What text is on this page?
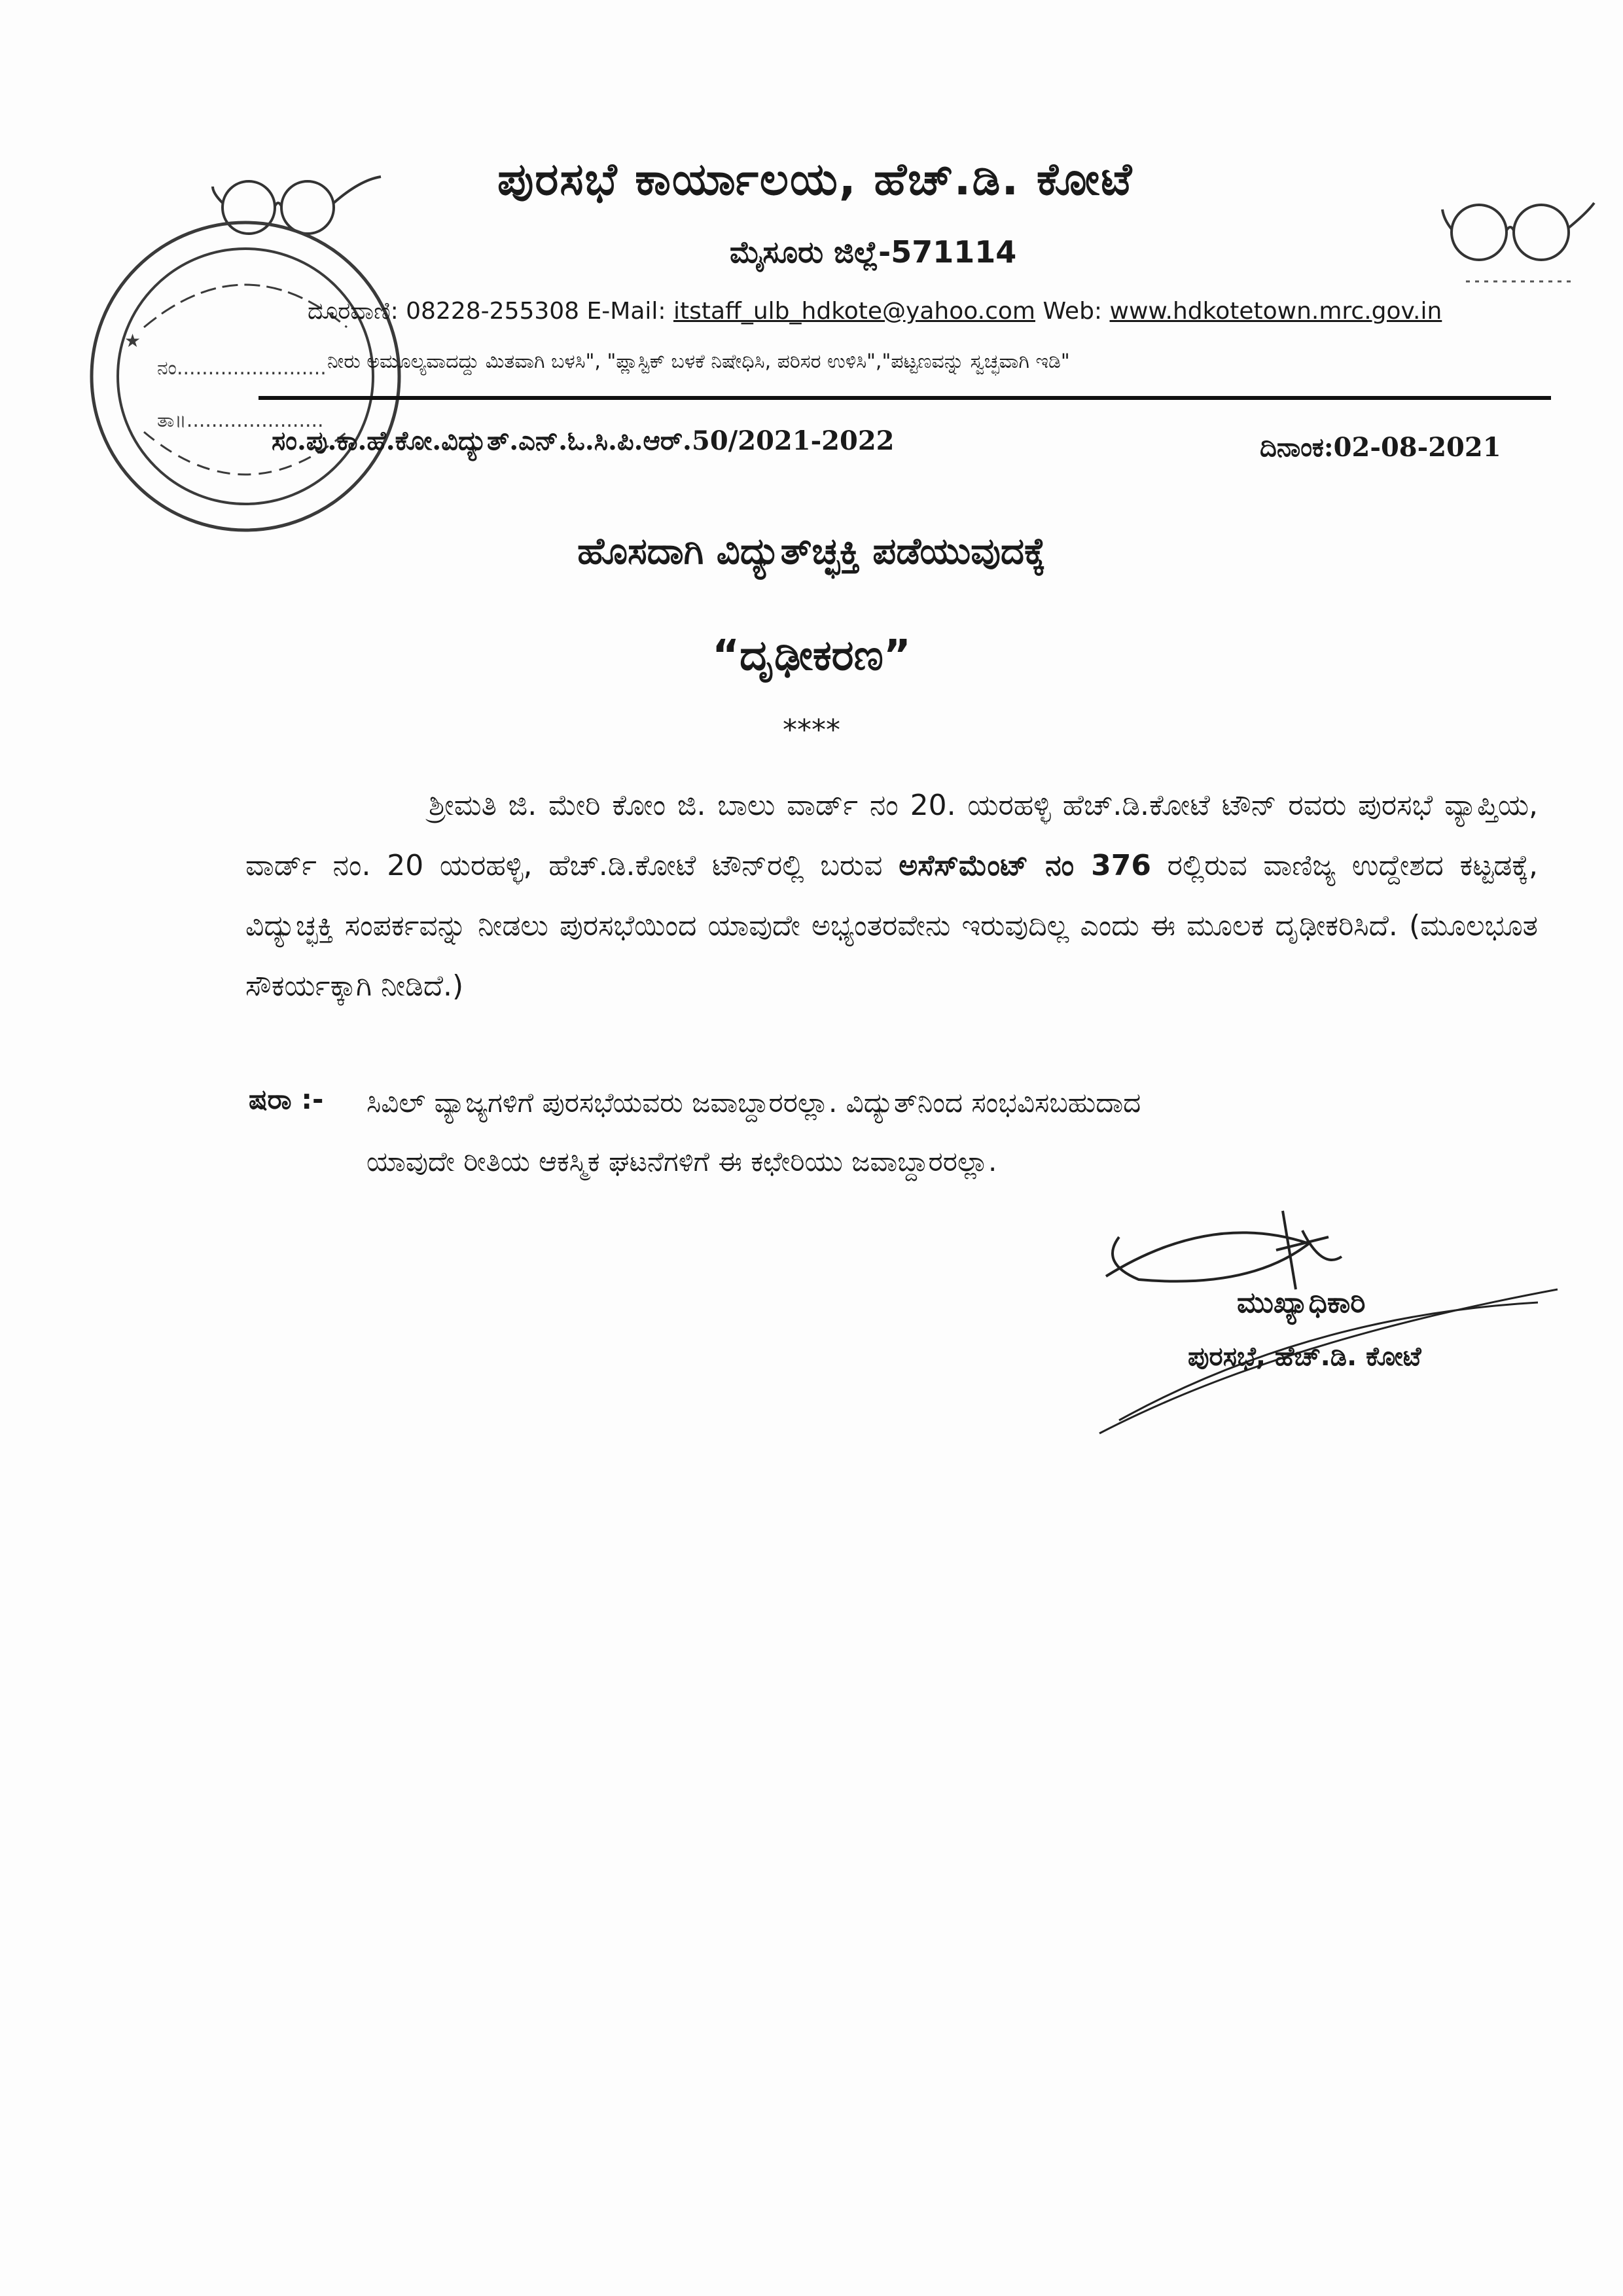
★
ನಂ........................
ತಾ॥......................
ಪುರಸಭೆ ಕಾರ್ಯಾಲಯ, ಹೆಚ್.ಡಿ. ಕೋಟೆ
ಮೈಸೂರು ಜಿಲ್ಲೆ-571114
ದೂರವಾಣಿ: 08228-255308 E-Mail: itstaff_ulb_hdkote@yahoo.com Web: www.hdkotetown.mrc.gov.in
ನೀರು ಅಮೂಲ್ಯವಾದದ್ದು ಮಿತವಾಗಿ ಬಳಸಿ", "ಪ್ಲಾಸ್ಟಿಕ್ ಬಳಕೆ ನಿಷೇಧಿಸಿ, ಪರಿಸರ ಉಳಿಸಿ","ಪಟ್ಟಣವನ್ನು ಸ್ವಚ್ಛವಾಗಿ ಇಡಿ"
ಸಂ.ಪು.ಕಾ.ಹೆ.ಕೋ.ವಿದ್ಯುತ್.ಎನ್.ಓ.ಸಿ.ಪಿ.ಆರ್.50/2021-2022	ದಿನಾಂಕ:02-08-2021
ಹೊಸದಾಗಿ ವಿದ್ಯುತ್‌ಚ್ಛಕ್ತಿ ಪಡೆಯುವುದಕ್ಕೆ
“ದೃಢೀಕರಣ”
****
ಶ್ರೀಮತಿ ಜಿ. ಮೇರಿ ಕೋಂ ಜಿ. ಬಾಲು ವಾರ್ಡ್ ನಂ 20. ಯರಹಳ್ಳಿ ಹೆಚ್.ಡಿ.ಕೋಟೆ ಟೌನ್ ರವರು ಪುರಸಭೆ ವ್ಯಾಪ್ತಿಯ, ವಾರ್ಡ್ ನಂ. 20 ಯರಹಳ್ಳಿ, ಹೆಚ್.ಡಿ.ಕೋಟೆ ಟೌನ್‌ರಲ್ಲಿ ಬರುವ ಅಸೆಸ್‌ಮೆಂಟ್ ನಂ 376 ರಲ್ಲಿರುವ ವಾಣಿಜ್ಯ ಉದ್ದೇಶದ ಕಟ್ಟಡಕ್ಕೆ, ವಿದ್ಯುಚ್ಛಕ್ತಿ ಸಂಪರ್ಕವನ್ನು ನೀಡಲು ಪುರಸಭೆಯಿಂದ ಯಾವುದೇ ಅಭ್ಯಂತರವೇನು ಇರುವುದಿಲ್ಲ ಎಂದು ಈ ಮೂಲಕ ದೃಢೀಕರಿಸಿದೆ. (ಮೂಲಭೂತ ಸೌಕರ್ಯಕ್ಕಾಗಿ ನೀಡಿದೆ.)
ಷರಾ :- ಸಿವಿಲ್ ವ್ಯಾಜ್ಯಗಳಿಗೆ ಪುರಸಭೆಯವರು ಜವಾಬ್ದಾರರಲ್ಲಾ. ವಿದ್ಯುತ್‌ನಿಂದ ಸಂಭವಿಸಬಹುದಾದ
ಯಾವುದೇ ರೀತಿಯ ಆಕಸ್ಮಿಕ ಘಟನೆಗಳಿಗೆ ಈ ಕಛೇರಿಯು ಜವಾಬ್ದಾರರಲ್ಲಾ.
ಮುಖ್ಯಾಧಿಕಾರಿ
ಪುರಸಭೆ, ಹೆಚ್.ಡಿ. ಕೋಟೆ
